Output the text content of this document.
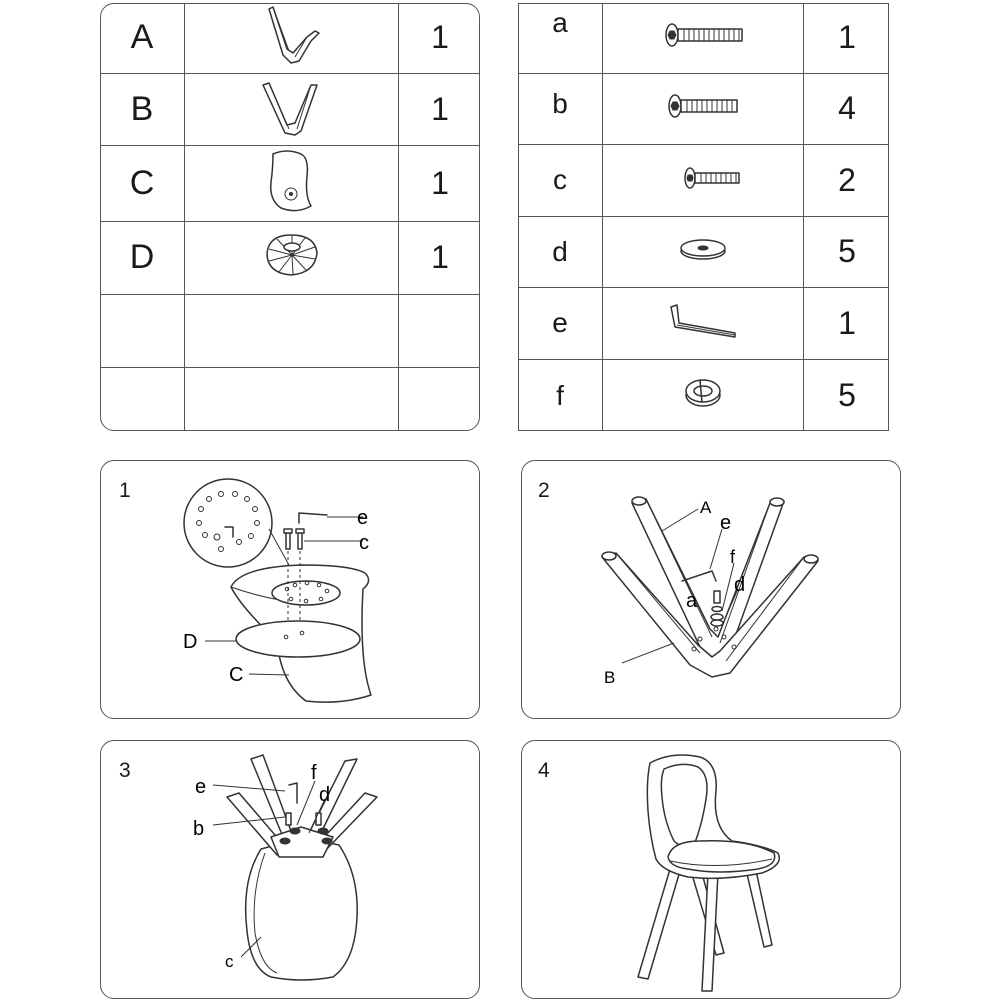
A		1
B		1
C		1
D		1

a		1
b		4
c		2
d		5
e		1
f		5
1
e
c
D
C
2
A
e
f
d
a
B
3
e
f
d
b
c
4
